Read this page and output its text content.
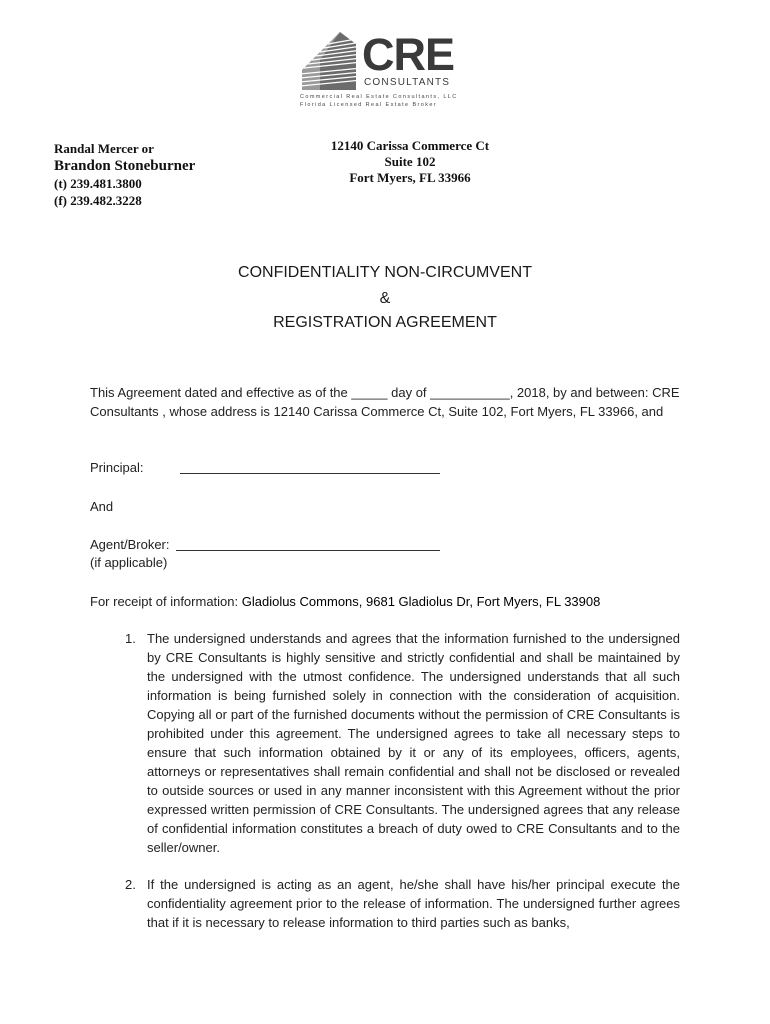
CRE
CONSULTANTS
Commercial Real Estate Consultants, LLC
Florida Licensed Real Estate Broker
Randal Mercer or
Brandon Stoneburner
(t) 239.481.3800
(f) 239.482.3228
12140 Carissa Commerce Ct
Suite 102
Fort Myers, FL 33966
CONFIDENTIALITY NON-CIRCUMVENT
&
REGISTRATION AGREEMENT
This Agreement dated and effective as of the _____ day of ___________, 2018, by and between: CRE Consultants , whose address is 12140 Carissa Commerce Ct, Suite 102, Fort Myers, FL 33966, and
Principal:
And
Agent/Broker:
(if applicable)
For receipt of information: Gladiolus Commons, 9681 Gladiolus Dr, Fort Myers, FL 33908
1. The undersigned understands and agrees that the information furnished to the undersigned by CRE Consultants is highly sensitive and strictly confidential and shall be maintained by the undersigned with the utmost confidence. The undersigned understands that all such information is being furnished solely in connection with the consideration of acquisition. Copying all or part of the furnished documents without the permission of CRE Consultants is prohibited under this agreement. The undersigned agrees to take all necessary steps to ensure that such information obtained by it or any of its employees, officers, agents, attorneys or representatives shall remain confidential and shall not be disclosed or revealed to outside sources or used in any manner inconsistent with this Agreement without the prior expressed written permission of CRE Consultants. The undersigned agrees that any release of confidential information constitutes a breach of duty owed to CRE Consultants and to the seller/owner.
2. If the undersigned is acting as an agent, he/she shall have his/her principal execute the confidentiality agreement prior to the release of information. The undersigned further agrees that if it is necessary to release information to third parties such as banks,
